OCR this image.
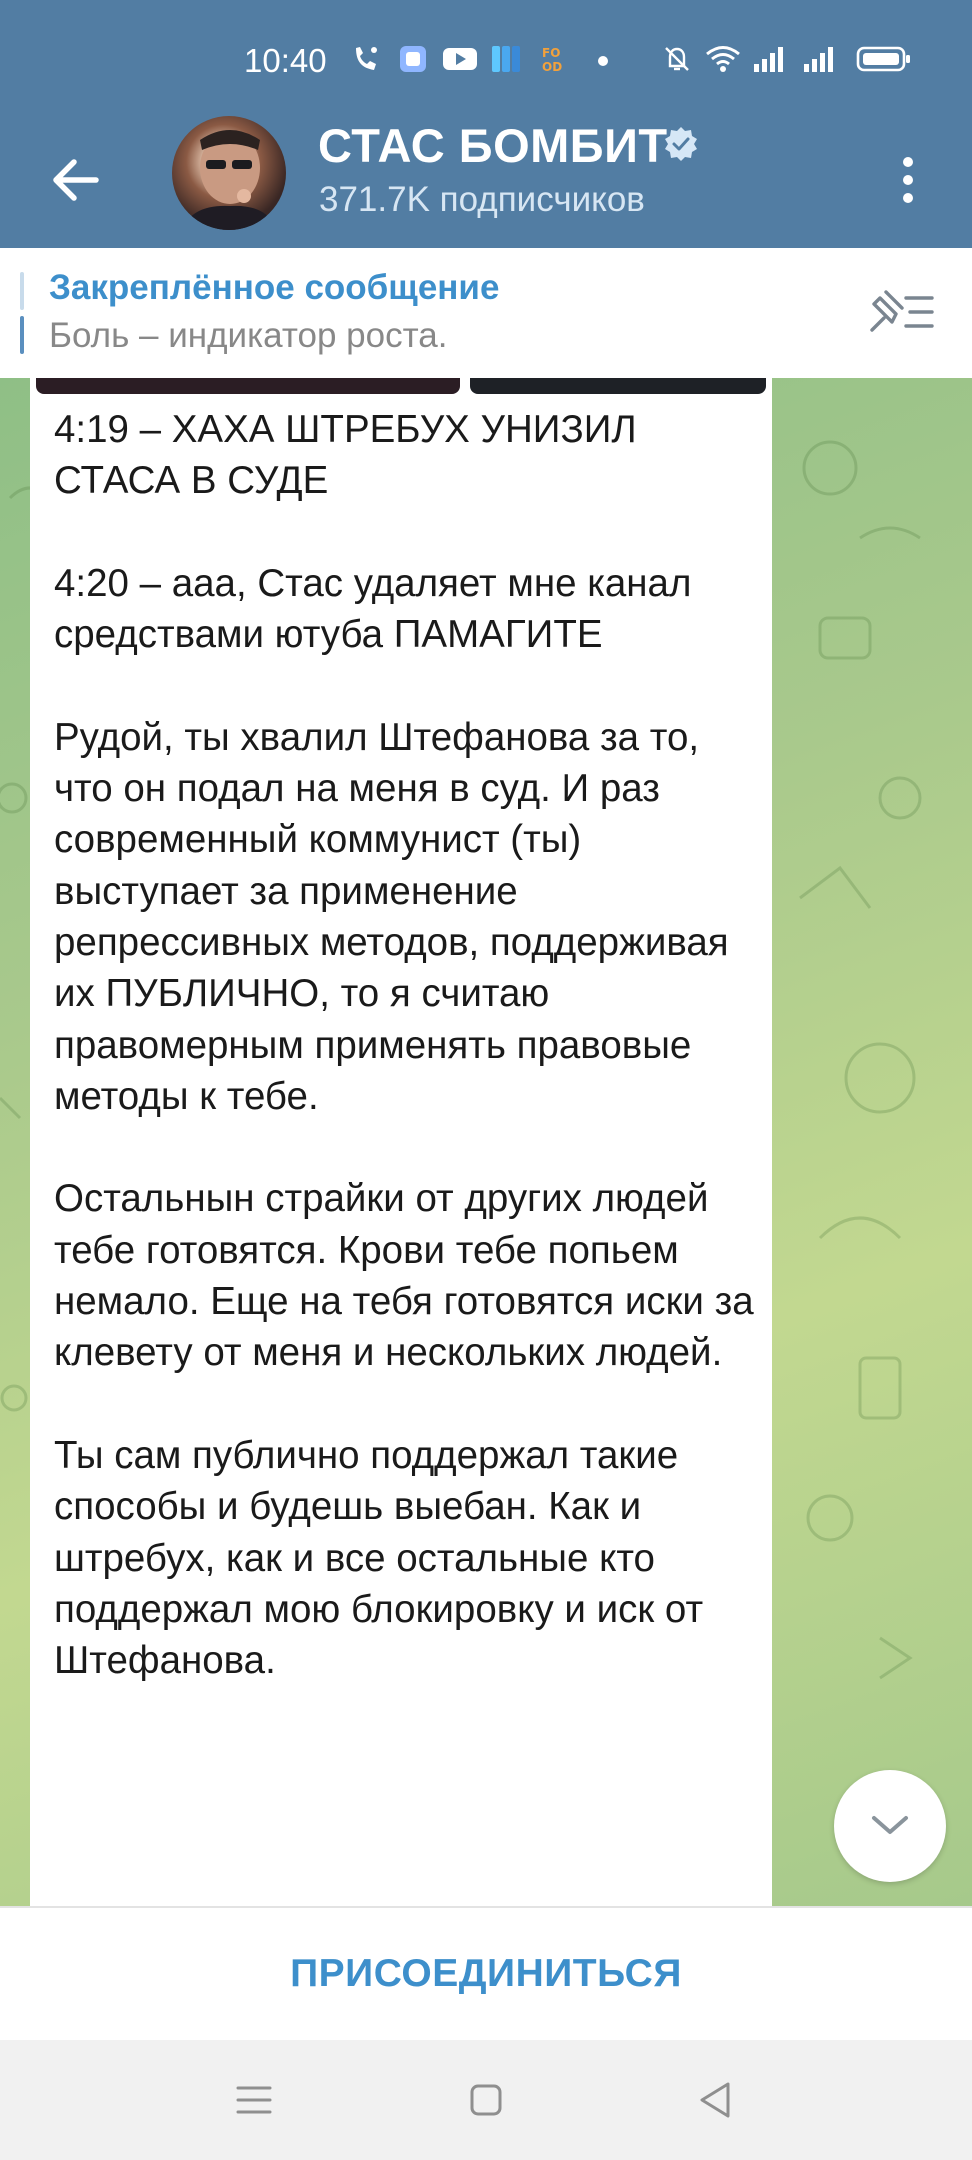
10:40	FO
OD
СТАС БОМБИТ
371.7K подписчиков
Закреплённое сообщение
Боль – индикатор роста.

4:19 – ХАХА ШТРЕБУХ УНИЗИЛ СТАСА В СУДЕ

4:20 – ааа, Стас удаляет мне канал средствами ютуба ПАМАГИТЕ

Рудой, ты хвалил Штефанова за то, что он подал на меня в суд. И раз современный коммунист (ты) выступает за применение репрессивных методов, поддерживая их ПУБЛИЧНО, то я считаю правомерным применять правовые методы к тебе.

Остальнын страйки от других людей тебе готовятся. Крови тебе попьем немало. Еще на тебя готовятся иски за клевету от меня и нескольких людей.

Ты сам публично поддержал такие способы и будешь выебан. Как и штребух, как и все остальные кто поддержал мою блокировку и иск от Штефанова.

ПРИСОЕДИНИТЬСЯ
